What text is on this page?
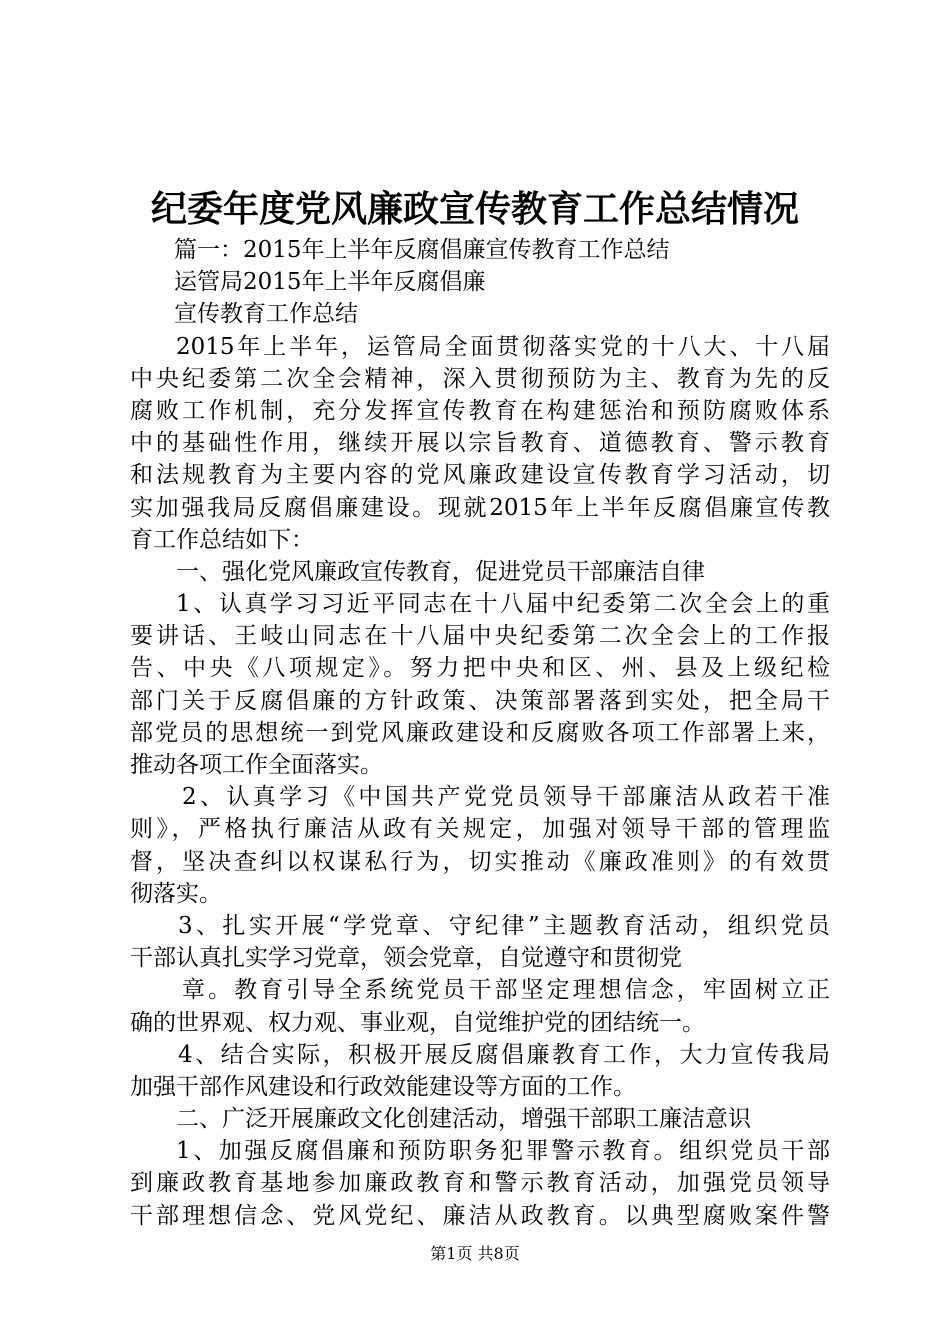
纪委年度党风廉政宣传教育工作总结情况
篇一：2015年上半年反腐倡廉宣传教育工作总结
运管局2015年上半年反腐倡廉
宣传教育工作总结
2015年上半年，运管局全面贯彻落实党的十八大、十八届
中央纪委第二次全会精神，深入贯彻预防为主、教育为先的反
腐败工作机制，充分发挥宣传教育在构建惩治和预防腐败体系
中的基础性作用，继续开展以宗旨教育、道德教育、警示教育
和法规教育为主要内容的党风廉政建设宣传教育学习活动，切
实加强我局反腐倡廉建设。现就2015年上半年反腐倡廉宣传教
育工作总结如下：
一、强化党风廉政宣传教育，促进党员干部廉洁自律
1、认真学习习近平同志在十八届中纪委第二次全会上的重
要讲话、王岐山同志在十八届中央纪委第二次全会上的工作报
告、中央《八项规定》。努力把中央和区、州、县及上级纪检
部门关于反腐倡廉的方针政策、决策部署落到实处，把全局干
部党员的思想统一到党风廉政建设和反腐败各项工作部署上来，
推动各项工作全面落实。
2、认真学习《中国共产党党员领导干部廉洁从政若干准
则》，严格执行廉洁从政有关规定，加强对领导干部的管理监
督，坚决查纠以权谋私行为，切实推动《廉政准则》的有效贯
彻落实。
3、扎实开展“学党章、守纪律”主题教育活动，组织党员
干部认真扎实学习党章，领会党章，自觉遵守和贯彻党
章。教育引导全系统党员干部坚定理想信念，牢固树立正
确的世界观、权力观、事业观，自觉维护党的团结统一。
4、结合实际，积极开展反腐倡廉教育工作，大力宣传我局
加强干部作风建设和行政效能建设等方面的工作。
二、广泛开展廉政文化创建活动，增强干部职工廉洁意识
1、加强反腐倡廉和预防职务犯罪警示教育。组织党员干部
到廉政教育基地参加廉政教育和警示教育活动，加强党员领导
干部理想信念、党风党纪、廉洁从政教育。以典型腐败案件警
第1页 共8页
